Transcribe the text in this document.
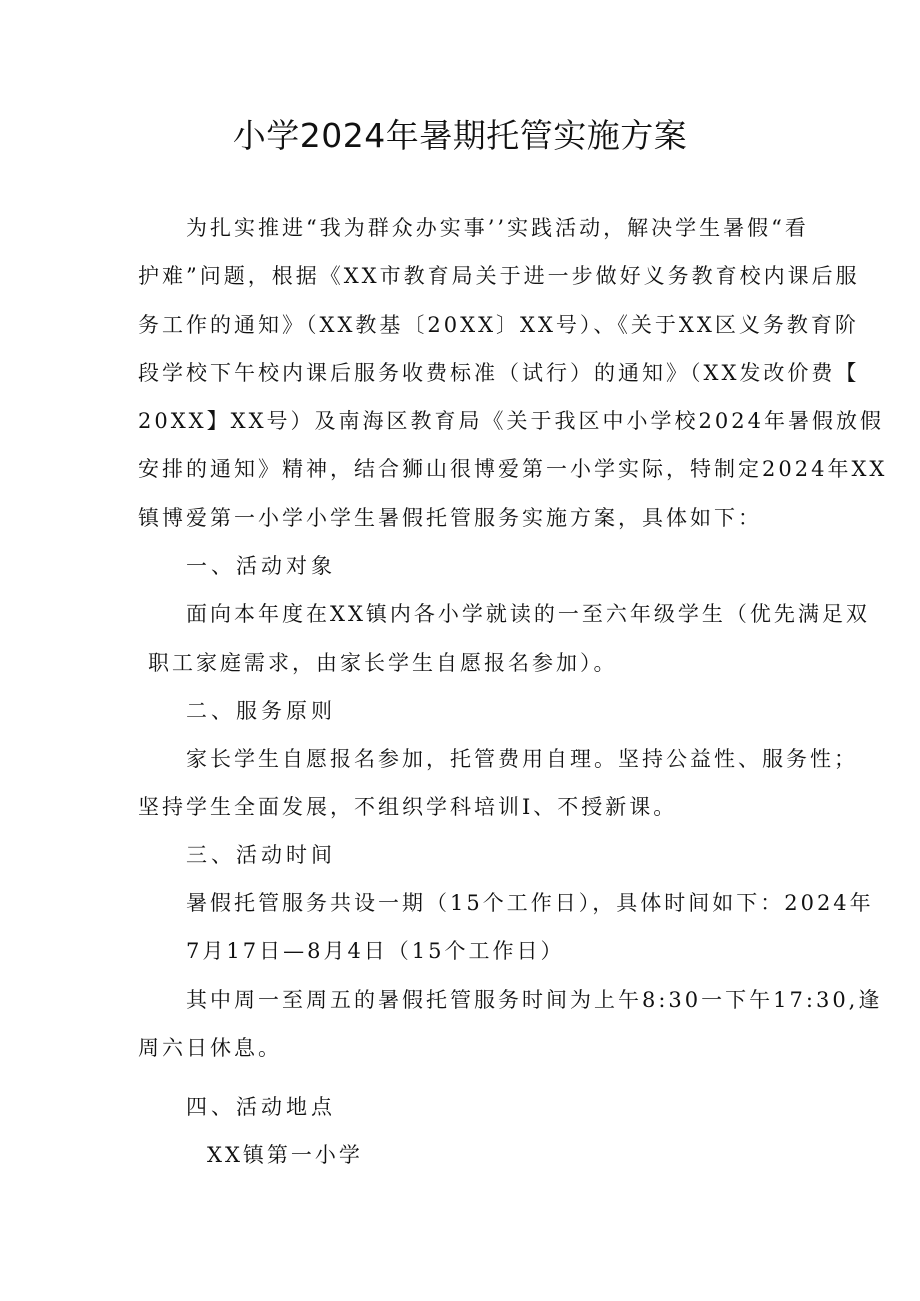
小学2024年暑期托管实施方案
为扎实推进“我为群众办实事’’实践活动，解决学生暑假“看
护难”问题，根据《XX市教育局关于进一步做好义务教育校内课后服
务工作的通知》（XX教基〔20XX〕XX号）、《关于XX区义务教育阶
段学校下午校内课后服务收费标准（试行）的通知》（XX发改价费【
20XX】XX号）及南海区教育局《关于我区中小学校2024年暑假放假
安排的通知》精神，结合狮山很博爱第一小学实际，特制定2024年XX
镇博爱第一小学小学生暑假托管服务实施方案，具体如下：
一、活动对象
面向本年度在XX镇内各小学就读的一至六年级学生（优先满足双
职工家庭需求，由家长学生自愿报名参加）。
二、服务原则
家长学生自愿报名参加，托管费用自理。坚持公益性、服务性；
坚持学生全面发展，不组织学科培训I、不授新课。
三、活动时间
暑假托管服务共设一期（15个工作日），具体时间如下：2024年
7月17日—8月4日（15个工作日）
其中周一至周五的暑假托管服务时间为上午8:30一下午17:30,逢
周六日休息。
四、活动地点
XX镇第一小学
